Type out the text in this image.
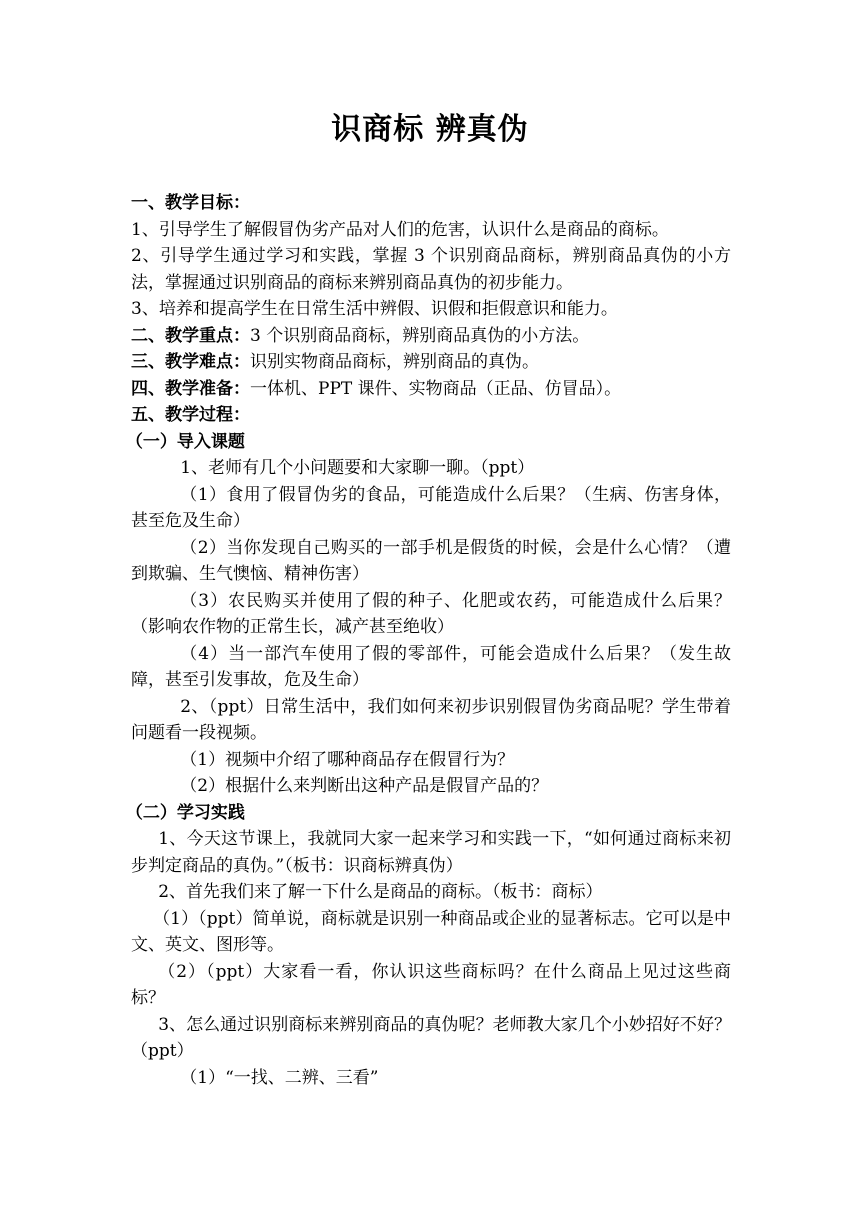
识商标 辨真伪

一、教学目标：

1、引导学生了解假冒伪劣产品对人们的危害，认识什么是商品的商标。

2、引导学生通过学习和实践，掌握 3 个识别商品商标，辨别商品真伪的小方法，掌握通过识别商品的商标来辨别商品真伪的初步能力。

3、培养和提高学生在日常生活中辨假、识假和拒假意识和能力。

二、教学重点：3 个识别商品商标，辨别商品真伪的小方法。

三、教学难点：识别实物商品商标，辨别商品的真伪。

四、教学准备：一体机、PPT 课件、实物商品（正品、仿冒品）。

五、教学过程：

（一）导入课题

1、老师有几个小问题要和大家聊一聊。（ppt）

（1）食用了假冒伪劣的食品，可能造成什么后果？（生病、伤害身体，甚至危及生命）

（2）当你发现自己购买的一部手机是假货的时候，会是什么心情？（遭到欺骗、生气懊恼、精神伤害）

（3）农民购买并使用了假的种子、化肥或农药，可能造成什么后果？（影响农作物的正常生长，减产甚至绝收）

（4）当一部汽车使用了假的零部件，可能会造成什么后果？（发生故障，甚至引发事故，危及生命）

2、（ppt）日常生活中，我们如何来初步识别假冒伪劣商品呢？学生带着问题看一段视频。

（1）视频中介绍了哪种商品存在假冒行为？

（2）根据什么来判断出这种产品是假冒产品的？

（二）学习实践

1、今天这节课上，我就同大家一起来学习和实践一下，“如何通过商标来初步判定商品的真伪。”（板书：识商标辨真伪）

2、首先我们来了解一下什么是商品的商标。（板书：商标）

（1）（ppt）简单说，商标就是识别一种商品或企业的显著标志。它可以是中文、英文、图形等。

（2）（ppt）大家看一看，你认识这些商标吗？在什么商品上见过这些商标？

3、怎么通过识别商标来辨别商品的真伪呢？老师教大家几个小妙招好不好？（ppt）

（1）“一找、二辨、三看”
